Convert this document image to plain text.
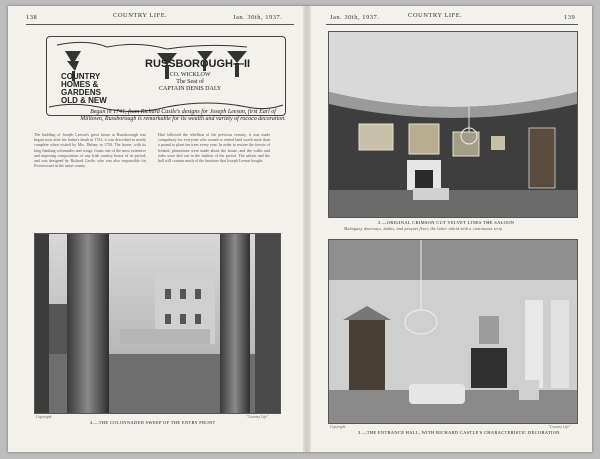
138	COUNTRY LIFE.	Jan. 30th, 1937.
COUNTRY
HOMES &
GARDENS
OLD & NEW
RUSSBOROUGH—II
CO. WICKLOW
The Seat of
CAPTAIN DENIS DALY
Begun in 1741, from Richard Castle's designs for Joseph Leeson, first Earl of
Milltown, Russborough is remarkable for its wealth and variety of rococo decoration.
The building of Joseph Leeson's great house at Russborough was begun soon after his father's death in 1741; it was described as nearly complete when visited by Mrs. Delany in 1750. The house, with its long flanking colonnades and wings, forms one of the most extensive and imposing compositions of any Irish country house of its period, and was designed by Richard Castle, who was also responsible for Powerscourt in the same county.
Had followed the rebellion of the previous century, it was made compulsory for everyone who owned or rented land worth more than a pound to plant ten trees every year. In order to restore the forests of Ireland, plantations were made about the house, and the walks and rides were laid out in the fashion of the period. The saloon and the hall still contain much of the furniture that Joseph Leeson bought.
Copyright	"Country Life"
4.—THE COLONNADED SWEEP OF THE ENTRY FRONT
Jan. 30th, 1937.	COUNTRY LIFE.	139
2.—ORIGINAL CRIMSON CUT VELVET LINES THE SALOON
Mahogany doorways, dados, and parquet floor, the latter inlaid with a continuous strip
Copyright	"Country Life"
3.—THE ENTRANCE HALL, WITH RICHARD CASTLE'S CHARACTERISTIC DECORATION
